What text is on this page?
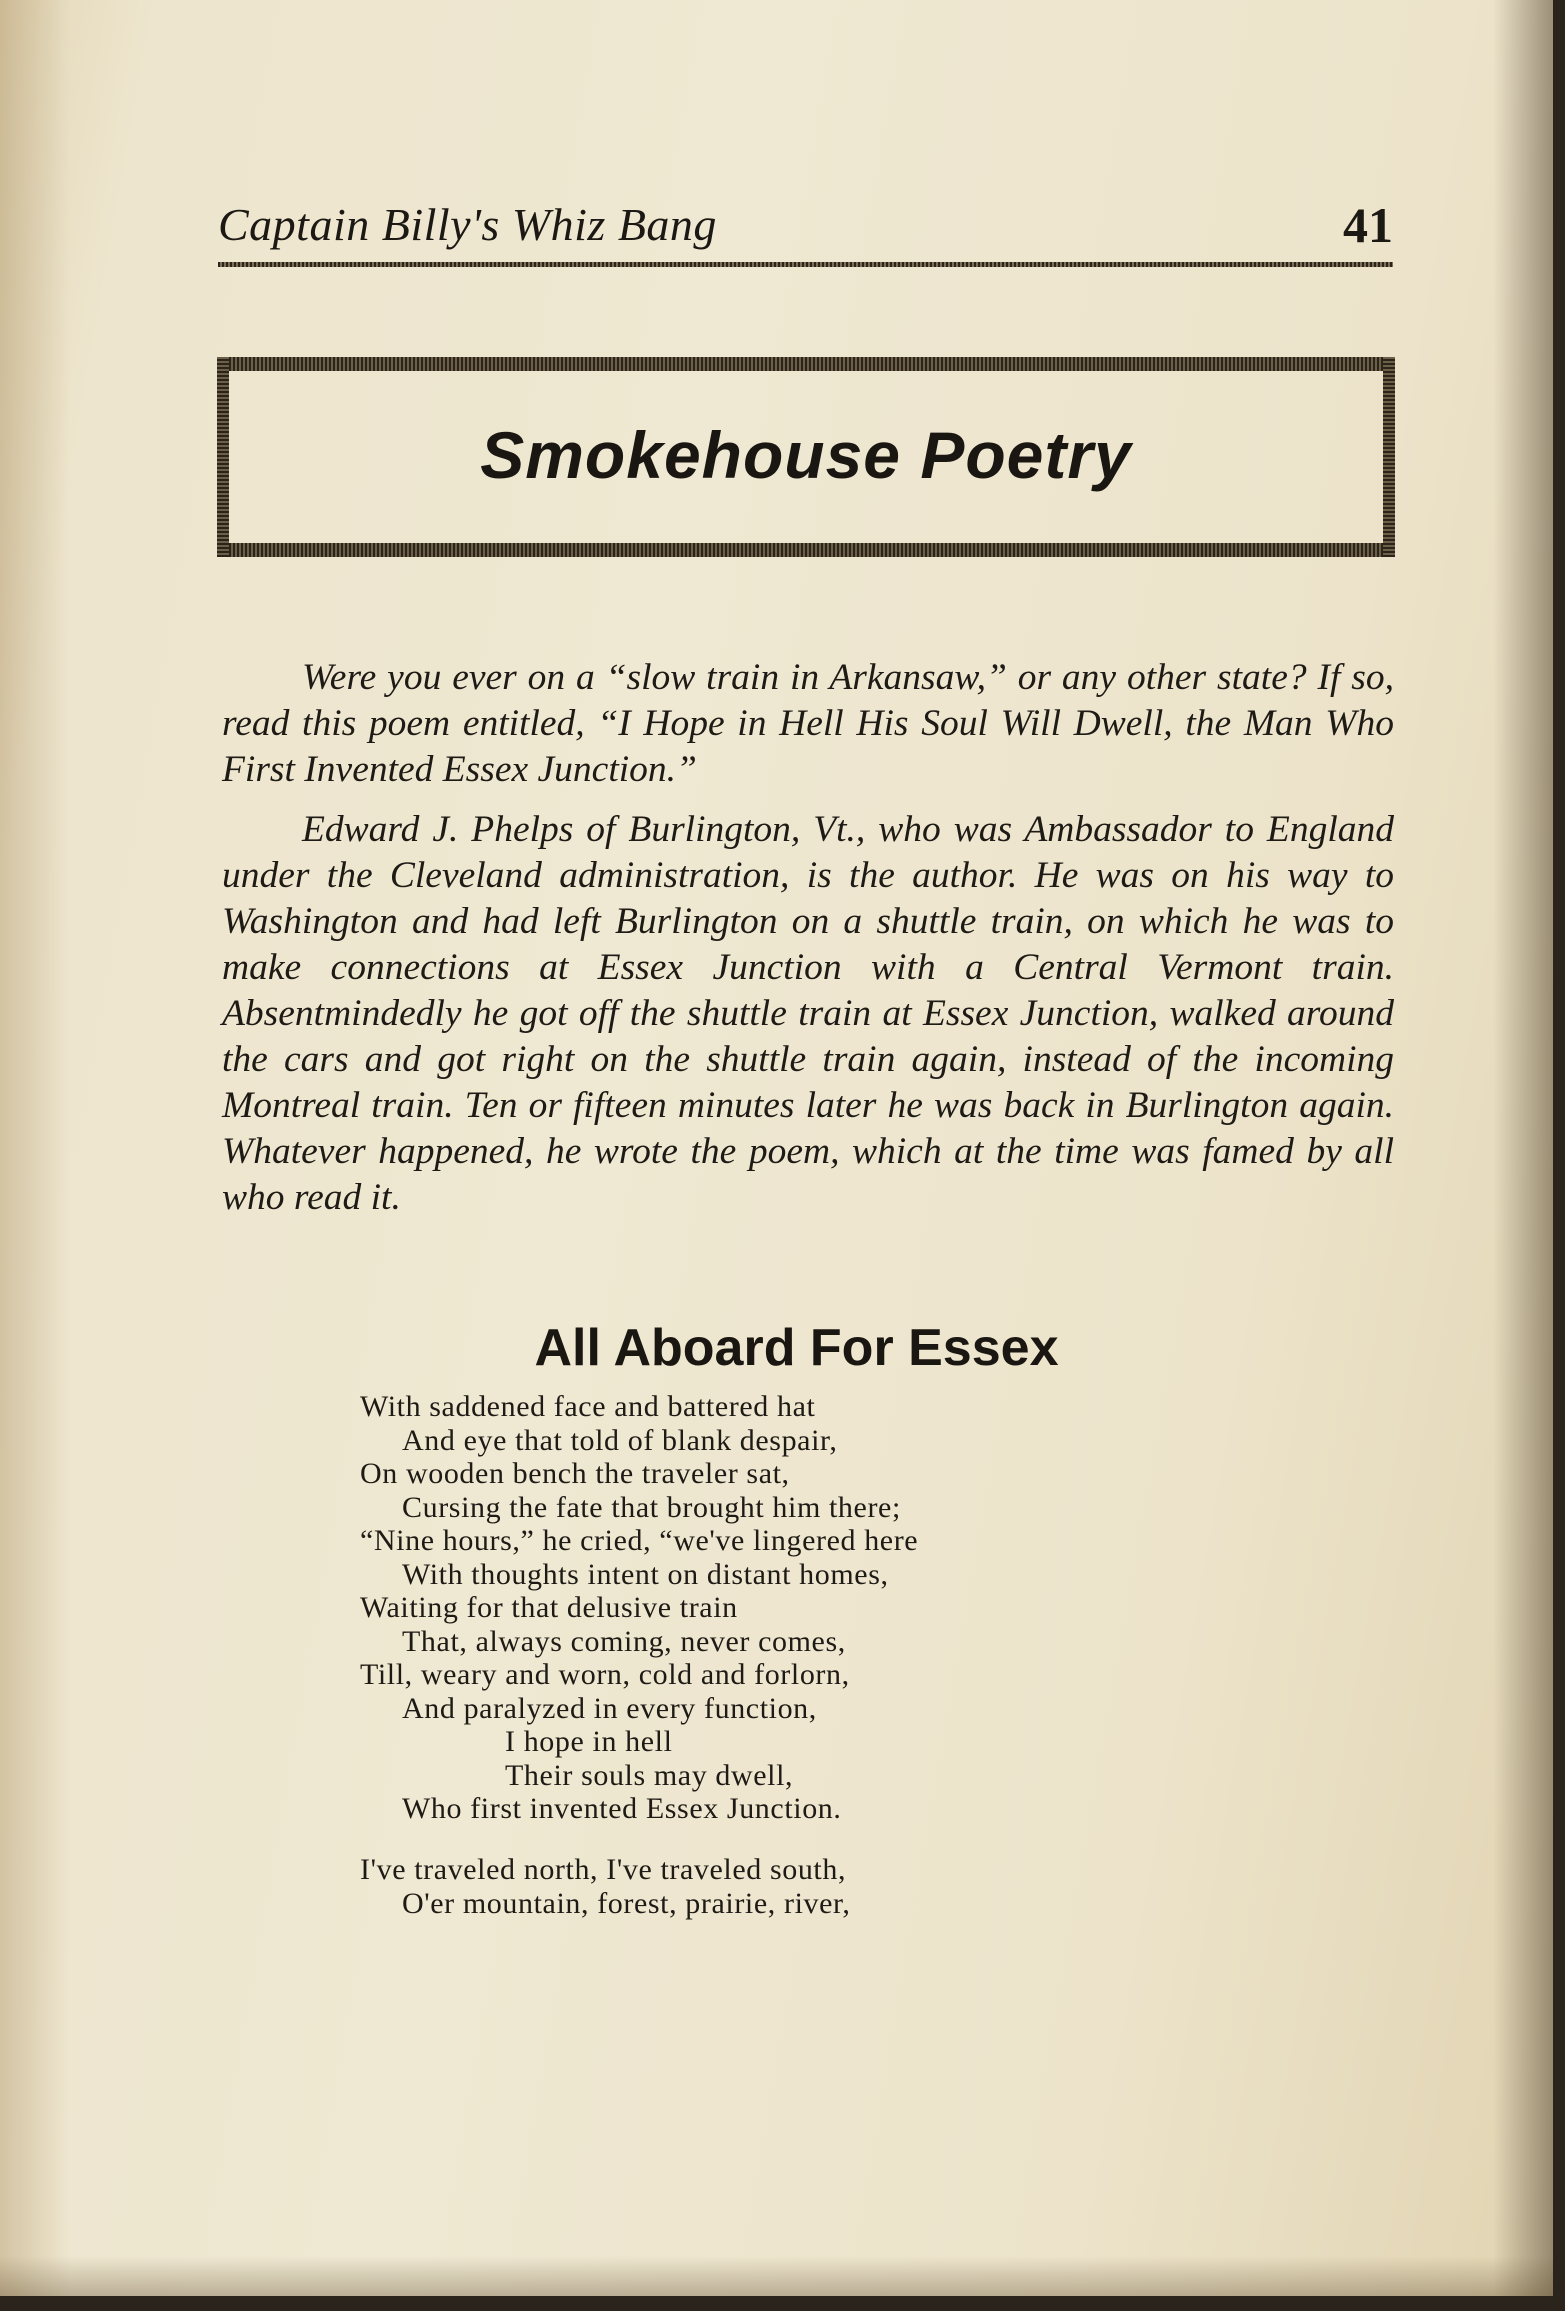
Captain Billy's Whiz Bang	41
Smokehouse Poetry

Were you ever on a “slow train in Arkansaw,” or any other state? If so, read this poem entitled, “I Hope in Hell His Soul Will Dwell, the Man Who First Invented Essex Junction.”

Edward J. Phelps of Burlington, Vt., who was Ambassador to England under the Cleveland administration, is the author. He was on his way to Washington and had left Burlington on a shuttle train, on which he was to make connections at Essex Junction with a Central Vermont train. Absentmindedly he got off the shuttle train at Essex Junction, walked around the cars and got right on the shuttle train again, instead of the incoming Montreal train. Ten or fifteen minutes later he was back in Burlington again. Whatever happened, he wrote the poem, which at the time was famed by all who read it.

All Aboard For Essex
With saddened face and battered hat
And eye that told of blank despair,
On wooden bench the traveler sat,
Cursing the fate that brought him there;
“Nine hours,” he cried, “we've lingered here
With thoughts intent on distant homes,
Waiting for that delusive train
That, always coming, never comes,
Till, weary and worn, cold and forlorn,
And paralyzed in every function,
I hope in hell
Their souls may dwell,
Who first invented Essex Junction.
I've traveled north, I've traveled south,
O'er mountain, forest, prairie, river,
